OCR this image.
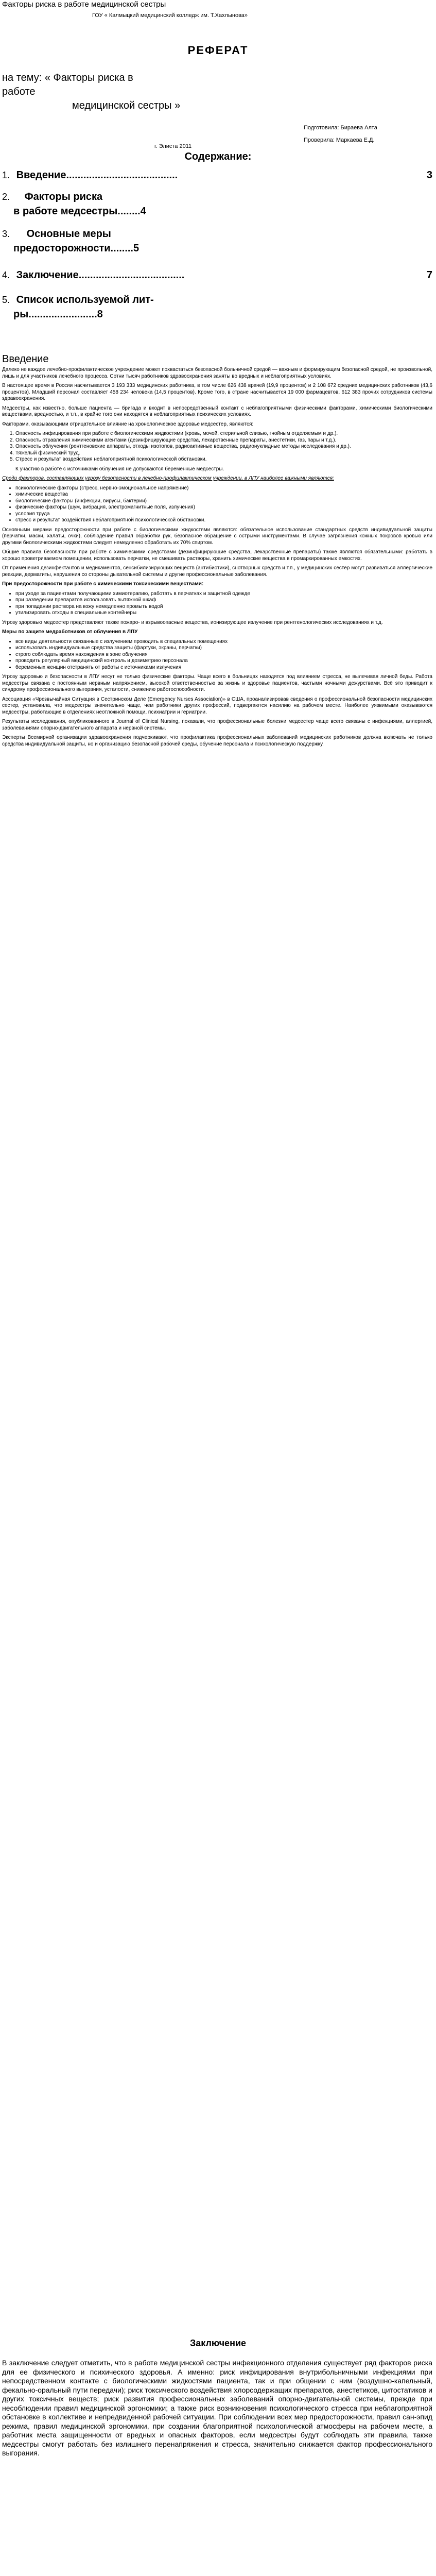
Факторы риска в работе медицинской сестры
ГОУ « Калмыцкий медицинский колледж им. Т.Хахлынова»
РЕФЕРАТ
на тему: « Факторы риска в
работе
медицинской сестры »
Подготовила: Бираева Алта
Проверила: Маркаева Е.Д.
г. Элиста 2011
Содержание:
1. Введение.......................................	3
2. Факторы риска
в работе медсестры........4
3. Основные меры
предосторожности........5
4. Заключение.....................................	7
5. Список используемой лит-
ры........................8
Введение

Далеко не каждое лечебно-профилактическое учреждение может похвастаться безопасной больничной средой — важным и формирующим безопасной средой, не произвольной, лишь и для участников лечебного процесса. Сотни тысяч работников здравоохранения заняты во вредных и неблагоприятных условиях.

В настоящее время в России насчитывается 3 193 333 медицинских работника, в том числе 626 438 врачей (19,9 процентов) и 2 108 672 средних медицинских работников (43,6 процентов). Младший персонал составляет 458 234 человека (14,5 процентов). Кроме того, в стране насчитывается 19 000 фармацевтов, 612 383 прочих сотрудников системы здравоохранения.

Медсестры, как известно, больше пациента — бригада и входит в непосредственный контакт с неблагоприятными физическими факторами, химическими биологическими веществами, вредностью, и т.п., в крайне того они находятся в неблагоприятных психических условиях.

Факторами, оказывающими отрицательное влияние на хронологическое здоровье медсестер, являются:

1. Опасность инфицирования при работе с биологическими жидкостями (кровь, мочой, стерильной слизью, гнойным отделяемым и др.).
2. Опасность отравления химическими агентами (дезинфицирующие средства, лекарственные препараты, анестетики, газ, пары и т.д.).
3. Опасность облучения (рентгеновские аппараты, отходы изотопов, радиоактивные вещества, радионуклидные методы исследования и др.).
4. Тяжелый физический труд.
5. Стресс и результат воздействия неблагоприятной психологической обстановки.

К участию в работе с источниками облучения не допускаются беременные медсестры.

Среди факторов, составляющих угрозу безопасности в лечебно-профилактическом учреждении, в ЛПУ наиболее важными являются:

• психологические факторы (стресс, нервно-эмоциональное напряжение)
• химические вещества
• биологические факторы (инфекции, вирусы, бактерии)
• физические факторы (шум, вибрация, электромагнитные поля, излучения)
• условия труда
• стресс и результат воздействия неблагоприятной психологической обстановки.

Основными мерами предосторожности при работе с биологическими жидкостями являются: обязательное использование стандартных средств индивидуальной защиты (перчатки, маски, халаты, очки), соблюдение правил обработки рук, безопасное обращение с острыми инструментами. В случае загрязнения кожных покровов кровью или другими биологическими жидкостями следует немедленно обработать их 70% спиртом.

Общие правила безопасности при работе с химическими средствами (дезинфицирующие средства, лекарственные препараты) также являются обязательными: работать в хорошо проветриваемом помещении, использовать перчатки, не смешивать растворы, хранить химические вещества в промаркированных емкостях.

От применения дезинфектантов и медикаментов, сенсибилизирующих веществ (антибиотики), снотворных средств и т.п., у медицинских сестер могут развиваться аллергические реакции, дерматиты, нарушения со стороны дыхательной системы и другие профессиональные заболевания.

При предосторожности при работе с химическими токсическими веществами:

• при уходе за пациентами получающими химиотерапию, работать в перчатках и защитной одежде
• при разведении препаратов использовать вытяжной шкаф
• при попадании раствора на кожу немедленно промыть водой
• утилизировать отходы в специальные контейнеры

Угрозу здоровью медсестер представляют также пожаро- и взрывоопасные вещества, ионизирующее излучение при рентгенологических исследованиях и т.д.

Меры по защите медработников от облучения в ЛПУ

• все виды деятельности связанные с излучением проводить в специальных помещениях
• использовать индивидуальные средства защиты (фартуки, экраны, перчатки)
• строго соблюдать время нахождения в зоне облучения
• проводить регулярный медицинский контроль и дозиметрию персонала
• беременных женщин отстранять от работы с источниками излучения

Угрозу здоровью и безопасности в ЛПУ несут не только физические факторы. Чаще всего в больницах находятся под влиянием стресса, не вылечивая личной беды. Работа медсестры связана с постоянным нервным напряжением, высокой ответственностью за жизнь и здоровье пациентов, частыми ночными дежурствами. Всё это приводит к синдрому профессионального выгорания, усталости, снижению работоспособности.

Ассоциация «Чрезвычайная Ситуация в Сестринском Деле (Emergency Nurses Association)» в США, проанализировав сведения о профессиональной безопасности медицинских сестер, установила, что медсестры значительно чаще, чем работники других профессий, подвергаются насилию на рабочем месте. Наиболее уязвимыми оказываются медсестры, работающие в отделениях неотложной помощи, психиатрии и гериатрии.

Результаты исследования, опубликованного в Journal of Clinical Nursing, показали, что профессиональные болезни медсестер чаще всего связаны с инфекциями, аллергией, заболеваниями опорно-двигательного аппарата и нервной системы.

Эксперты Всемирной организации здравоохранения подчеркивают, что профилактика профессиональных заболеваний медицинских работников должна включать не только средства индивидуальной защиты, но и организацию безопасной рабочей среды, обучение персонала и психологическую поддержку.

Заключение
В заключение следует отметить, что в работе медицинской сестры инфекционного отделения существует ряд факторов риска для ее физического и психического здоровья. А именно: риск инфицирования внутрибольничными инфекциями при непосредственном контакте с биологическими жидкостями пациента, так и при общении с ним (воздушно-капельный, фекально-оральный пути передачи); риск токсического воздействия хлорсодержащих препаратов, анестетиков, цитостатиков и других токсичных веществ; риск развития профессиональных заболеваний опорно-двигательной системы, прежде при несоблюдении правил медицинской эргономики; а также риск возникновения психологического стресса при неблагоприятной обстановке в коллективе и непредвиденной рабочей ситуации. При соблюдении всех мер предосторожности, правил сан-эпид режима, правил медицинской эргономики, при создании благоприятной психологической атмосферы на рабочем месте, а работник места защищенности от вредных и опасных факторов, если медсестры будут соблюдать эти правила, также медсестры смогут работать без излишнего перенапряжения и стресса, значительно снижается фактор профессионального выгорания.
